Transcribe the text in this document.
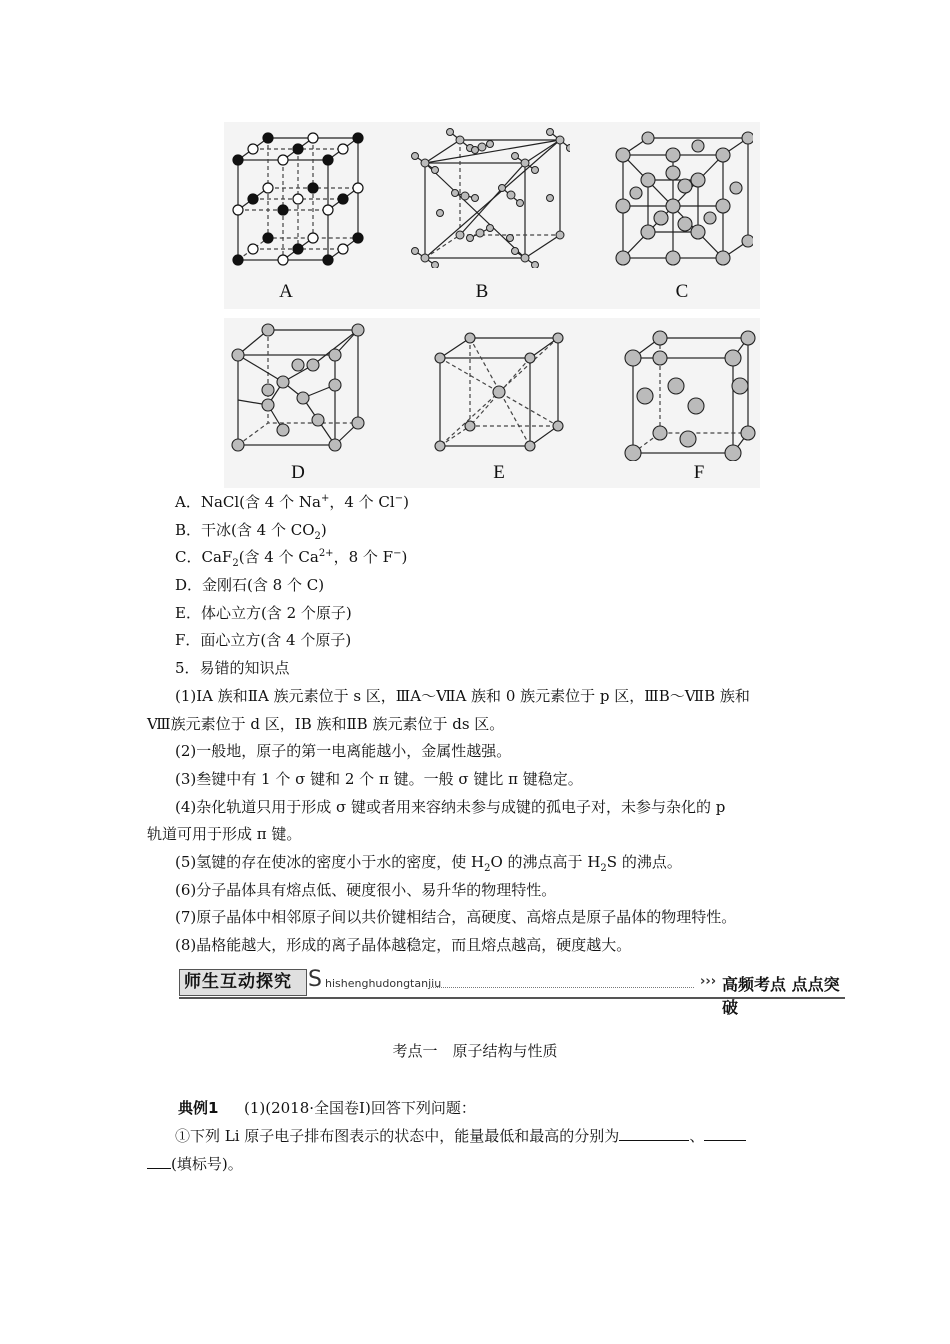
A	B	C
D	E	F
A．NaCl(含 4 个 Na+，4 个 Cl−)
B．干冰(含 4 个 $CO_2$)
C．CaF$_2$(含 4 个 $Ca^{2+}$，8 个 F−)
D．金刚石(含 8 个 C)
E．体心立方(含 2 个原子)
F．面心立方(含 4 个原子)
5．易错的知识点
(1)ⅠA 族和ⅡA 族元素位于 s 区，ⅢA～ⅦA 族和 0 族元素位于 p 区，ⅢB～ⅦB 族和
Ⅷ族元素位于 d 区，ⅠB 族和ⅡB 族元素位于 ds 区。
(2)一般地，原子的第一电离能越小，金属性越强。
(3)叁键中有 1 个 σ 键和 2 个 π 键。一般 σ 键比 π 键稳定。
(4)杂化轨道只用于形成 σ 键或者用来容纳未参与成键的孤电子对，未参与杂化的 p
轨道可用于形成 π 键。
(5)氢键的存在使冰的密度小于水的密度，使 $H_2O$ 的沸点高于 $H_2S$ 的沸点。
(6)分子晶体具有熔点低、硬度很小、易升华的物理特性。
(7)原子晶体中相邻原子间以共价键相结合，高硬度、高熔点是原子晶体的物理特性。
(8)晶格能越大，形成的离子晶体越稳定，而且熔点越高，硬度越大。
师生互动探究 S hishenghudongtanjiu	››› 高频考点 点点突破
考点一　原子结构与性质
典例1 (1)(2018·全国卷Ⅰ)回答下列问题：
①下列 Li 原子电子排布图表示的状态中，能量最低和最高的分别为	、
(填标号)。
